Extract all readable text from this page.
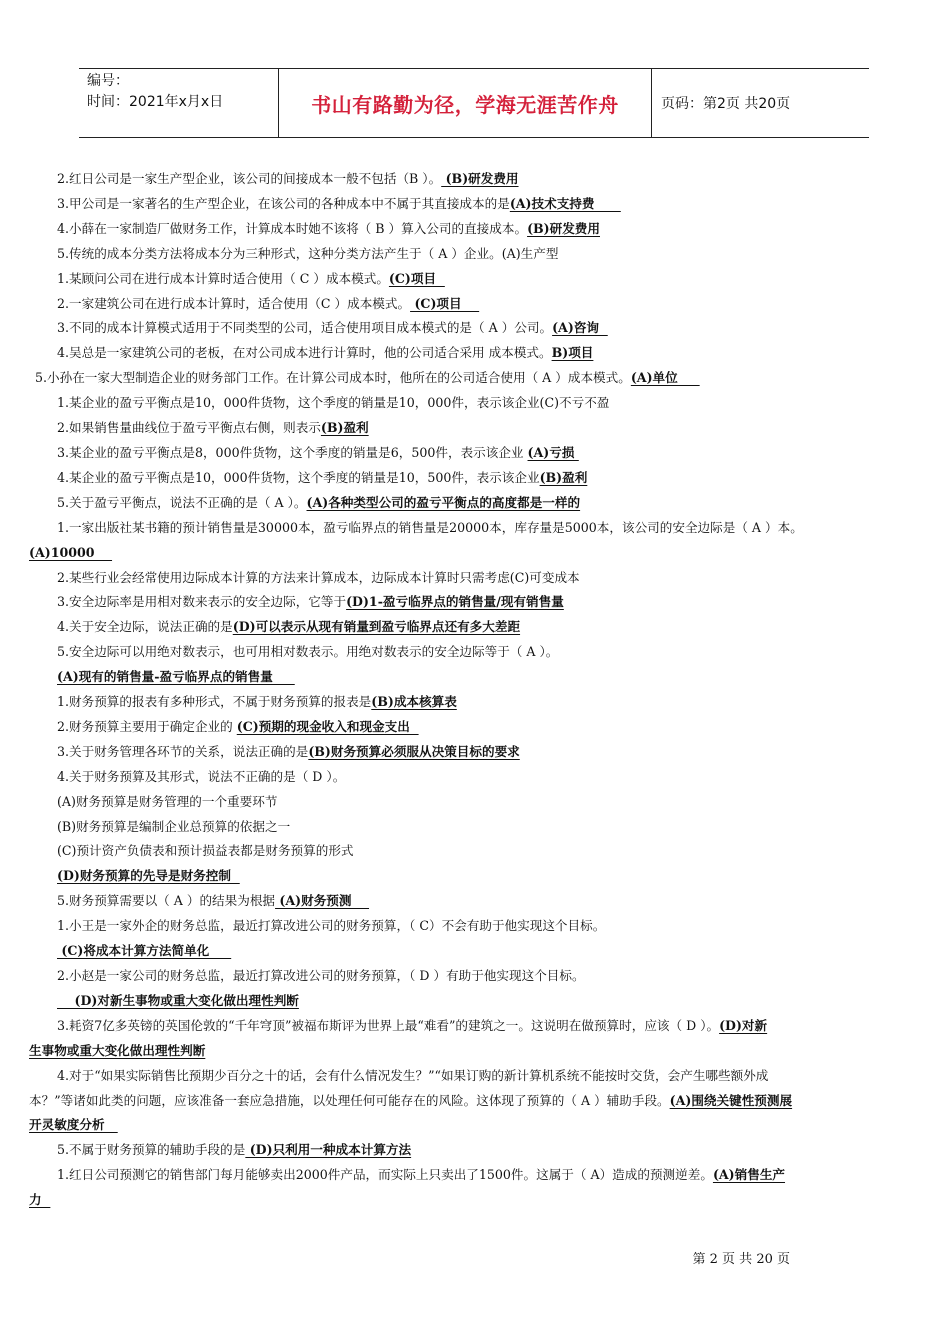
编号：
时间：2021年x月x日	书山有路勤为径，学海无涯苦作舟	页码：第2页 共20页
2.红日公司是一家生产型企业，该公司的间接成本一般不包括（B ）。 (B)研发费用
3.甲公司是一家著名的生产型企业，在该公司的各种成本中不属于其直接成本的是(A)技术支持费
4.小薛在一家制造厂做财务工作，计算成本时她不该将（ B ）算入公司的直接成本。(B)研发费用
5.传统的成本分类方法将成本分为三种形式，这种分类方法产生于（ A ）企业。(A)生产型
1.某顾问公司在进行成本计算时适合使用（ C ）成本模式。(C)项目
2.一家建筑公司在进行成本计算时，适合使用（C ）成本模式。 (C)项目
3.不同的成本计算模式适用于不同类型的公司，适合使用项目成本模式的是（ A ）公司。(A)咨询
4.吴总是一家建筑公司的老板，在对公司成本进行计算时，他的公司适合采用 成本模式。B)项目
5.小孙在一家大型制造企业的财务部门工作。在计算公司成本时，他所在的公司适合使用（ A ）成本模式。(A)单位
1.某企业的盈亏平衡点是10，000件货物，这个季度的销量是10，000件，表示该企业(C)不亏不盈
2.如果销售量曲线位于盈亏平衡点右侧，则表示(B)盈利
3.某企业的盈亏平衡点是8，000件货物，这个季度的销量是6，500件，表示该企业 (A)亏损
4.某企业的盈亏平衡点是10，000件货物，这个季度的销量是10，500件，表示该企业(B)盈利
5.关于盈亏平衡点，说法不正确的是（ A ）。(A)各种类型公司的盈亏平衡点的高度都是一样的
1.一家出版社某书籍的预计销售量是30000本，盈亏临界点的销售量是20000本，库存量是5000本，该公司的安全边际是（ A ）本。
(A)10000
2.某些行业会经常使用边际成本计算的方法来计算成本，边际成本计算时只需考虑(C)可变成本
3.安全边际率是用相对数来表示的安全边际，它等于(D)1-盈亏临界点的销售量/现有销售量
4.关于安全边际，说法正确的是(D)可以表示从现有销量到盈亏临界点还有多大差距
5.安全边际可以用绝对数表示，也可用相对数表示。用绝对数表示的安全边际等于（ A ）。
(A)现有的销售量-盈亏临界点的销售量
1.财务预算的报表有多种形式，不属于财务预算的报表是(B)成本核算表
2.财务预算主要用于确定企业的 (C)预期的现金收入和现金支出
3.关于财务管理各环节的关系，说法正确的是(B)财务预算必须服从决策目标的要求
4.关于财务预算及其形式，说法不正确的是（ D ）。
(A)财务预算是财务管理的一个重要环节
(B)财务预算是编制企业总预算的依据之一
(C)预计资产负债表和预计损益表都是财务预算的形式
(D)财务预算的先导是财务控制
5.财务预算需要以（ A ）的结果为根据 (A)财务预测
1.小王是一家外企的财务总监，最近打算改进公司的财务预算，（ C）不会有助于他实现这个目标。
(C)将成本计算方法简单化
2.小赵是一家公司的财务总监，最近打算改进公司的财务预算，（ D ）有助于他实现这个目标。
(D)对新生事物或重大变化做出理性判断
3.耗资7亿多英镑的英国伦敦的“千年穹顶”被福布斯评为世界上最“难看”的建筑之一。这说明在做预算时，应该（ D ）。(D)对新
生事物或重大变化做出理性判断
4.对于“如果实际销售比预期少百分之十的话，会有什么情况发生？”“如果订购的新计算机系统不能按时交货，会产生哪些额外成
本？”等诸如此类的问题，应该准备一套应急措施，以处理任何可能存在的风险。这体现了预算的（ A ）辅助手段。(A)围绕关键性预测展
开灵敏度分析
5.不属于财务预算的辅助手段的是 (D)只利用一种成本计算方法
1.红日公司预测它的销售部门每月能够卖出2000件产品，而实际上只卖出了1500件。这属于（ A）造成的预测逆差。(A)销售生产
力
第 2 页 共 20 页
